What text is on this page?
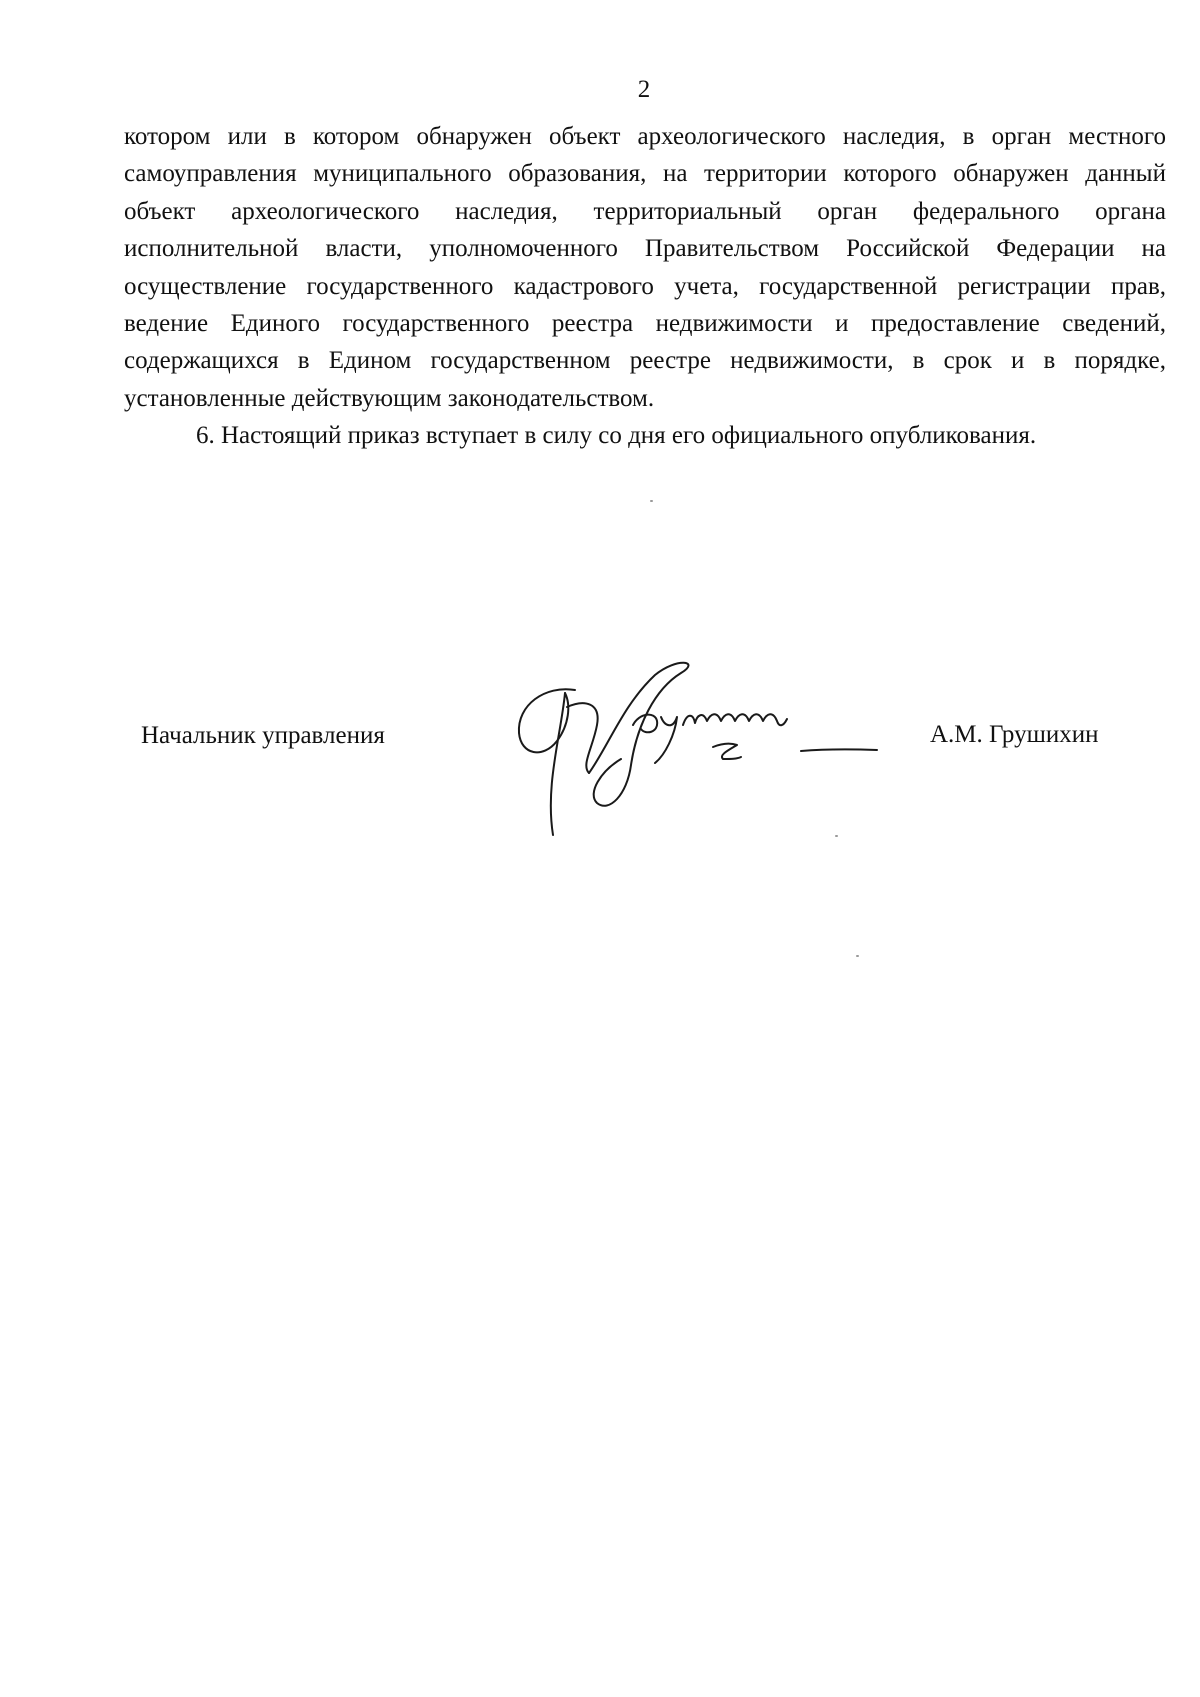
2

котором или в котором обнаружен объект археологического наследия, в орган местного самоуправления муниципального образования, на территории которого обнаружен данный объект археологического наследия, территориальный орган федерального органа исполнительной власти, уполномоченного Правительством Российской Федерации на осуществление государственного кадастрового учета, государственной регистрации прав, ведение Единого государственного реестра недвижимости и предоставление сведений, содержащихся в Едином государственном реестре недвижимости, в срок и в порядке, установленные действующим законодательством.

6. Настоящий приказ вступает в силу со дня его официального опубликования.

Начальник управления	А.М. Грушихин
